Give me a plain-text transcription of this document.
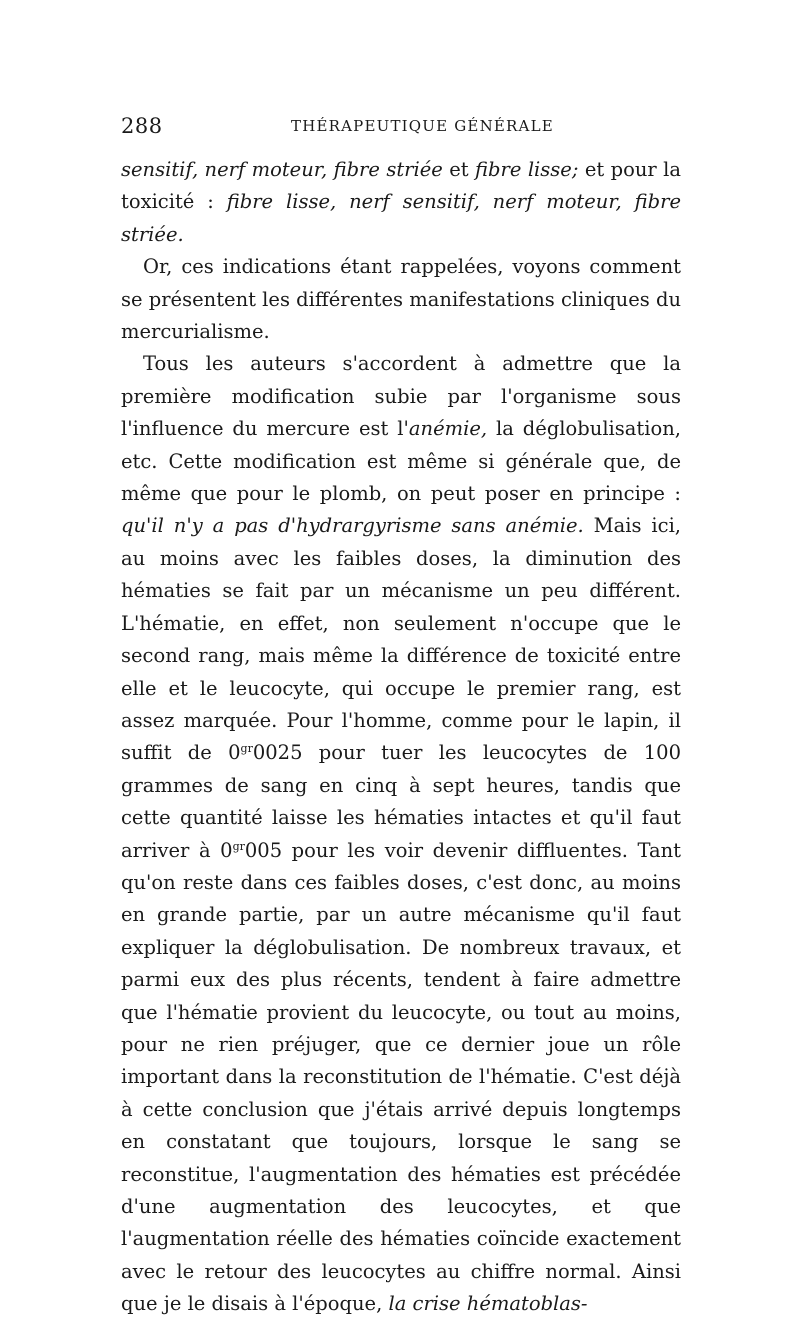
288	THÉRAPEUTIQUE GÉNÉRALE

sensitif, nerf moteur, fibre striée et fibre lisse; et pour la toxicité : fibre lisse, nerf sensitif, nerf moteur, fibre striée.

Or, ces indications étant rappelées, voyons comment se présentent les différentes manifestations cliniques du mercurialisme.

Tous les auteurs s'accordent à admettre que la première modification subie par l'organisme sous l'influence du mercure est l'anémie, la déglobulisation, etc. Cette modification est même si générale que, de même que pour le plomb, on peut poser en principe : qu'il n'y a pas d'hydrargyrisme sans anémie. Mais ici, au moins avec les faibles doses, la diminution des hématies se fait par un mécanisme un peu différent. L'hématie, en effet, non seulement n'occupe que le second rang, mais même la différence de toxicité entre elle et le leucocyte, qui occupe le premier rang, est assez marquée. Pour l'homme, comme pour le lapin, il suffit de $0^{gr}0025$ pour tuer les leucocytes de 100 grammes de sang en cinq à sept heures, tandis que cette quantité laisse les hématies intactes et qu'il faut arriver à $0^{gr}005$ pour les voir devenir diffluentes. Tant qu'on reste dans ces faibles doses, c'est donc, au moins en grande partie, par un autre mécanisme qu'il faut expliquer la déglobulisation. De nombreux travaux, et parmi eux des plus récents, tendent à faire admettre que l'hématie provient du leucocyte, ou tout au moins, pour ne rien préjuger, que ce dernier joue un rôle important dans la reconstitution de l'hématie. C'est déjà à cette conclusion que j'étais arrivé depuis longtemps en constatant que toujours, lorsque le sang se reconstitue, l'augmentation des hématies est précédée d'une augmentation des leucocytes, et que l'augmentation réelle des hématies coïncide exactement avec le retour des leucocytes au chiffre normal. Ainsi que je le disais à l'époque, la crise hématoblas-
